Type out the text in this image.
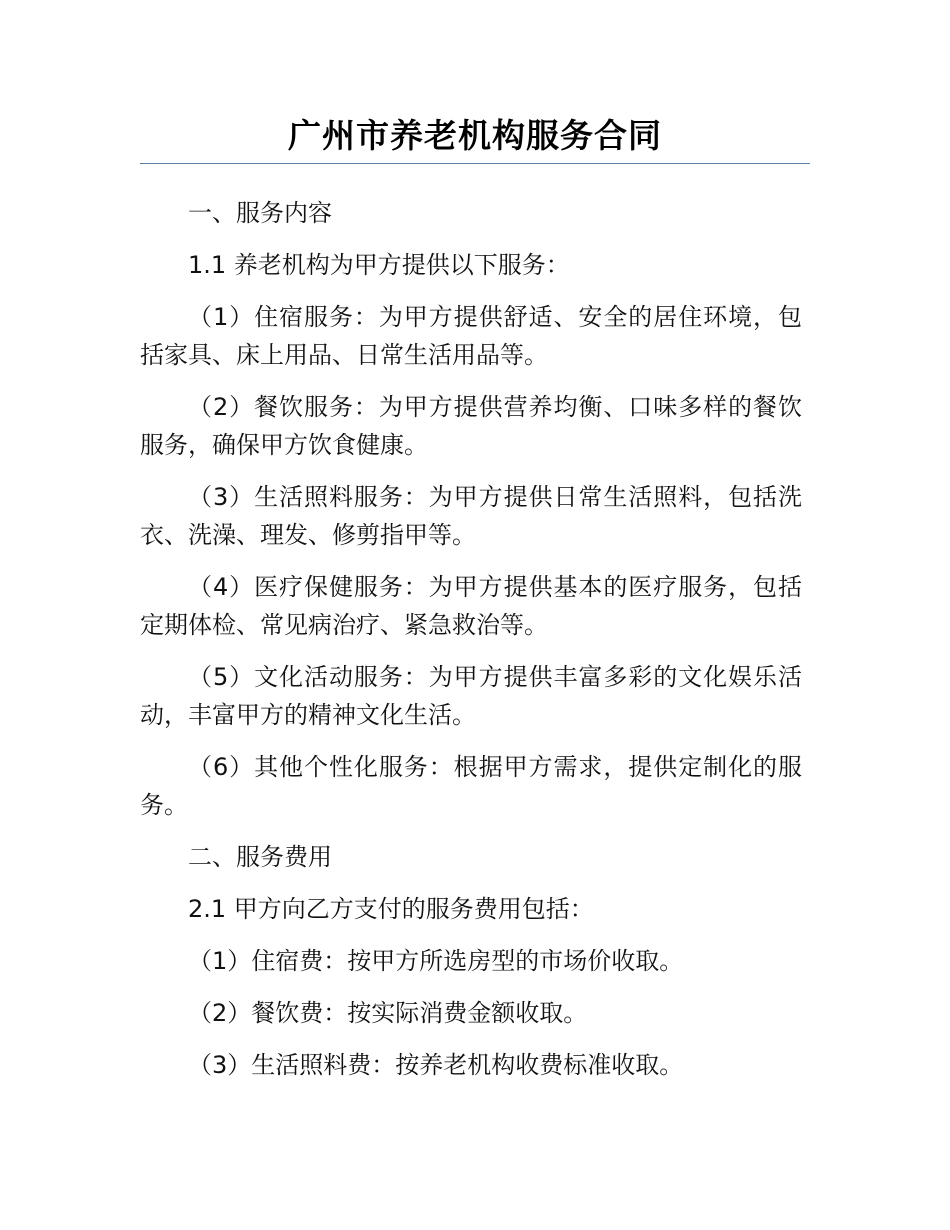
广州市养老机构服务合同

一、服务内容

1.1 养老机构为甲方提供以下服务：

（1）住宿服务：为甲方提供舒适、安全的居住环境，包括家具、床上用品、日常生活用品等。

（2）餐饮服务：为甲方提供营养均衡、口味多样的餐饮服务，确保甲方饮食健康。

（3）生活照料服务：为甲方提供日常生活照料，包括洗衣、洗澡、理发、修剪指甲等。

（4）医疗保健服务：为甲方提供基本的医疗服务，包括定期体检、常见病治疗、紧急救治等。

（5）文化活动服务：为甲方提供丰富多彩的文化娱乐活动，丰富甲方的精神文化生活。

（6）其他个性化服务：根据甲方需求，提供定制化的服务。

二、服务费用

2.1 甲方向乙方支付的服务费用包括：

（1）住宿费：按甲方所选房型的市场价收取。

（2）餐饮费：按实际消费金额收取。

（3）生活照料费：按养老机构收费标准收取。
